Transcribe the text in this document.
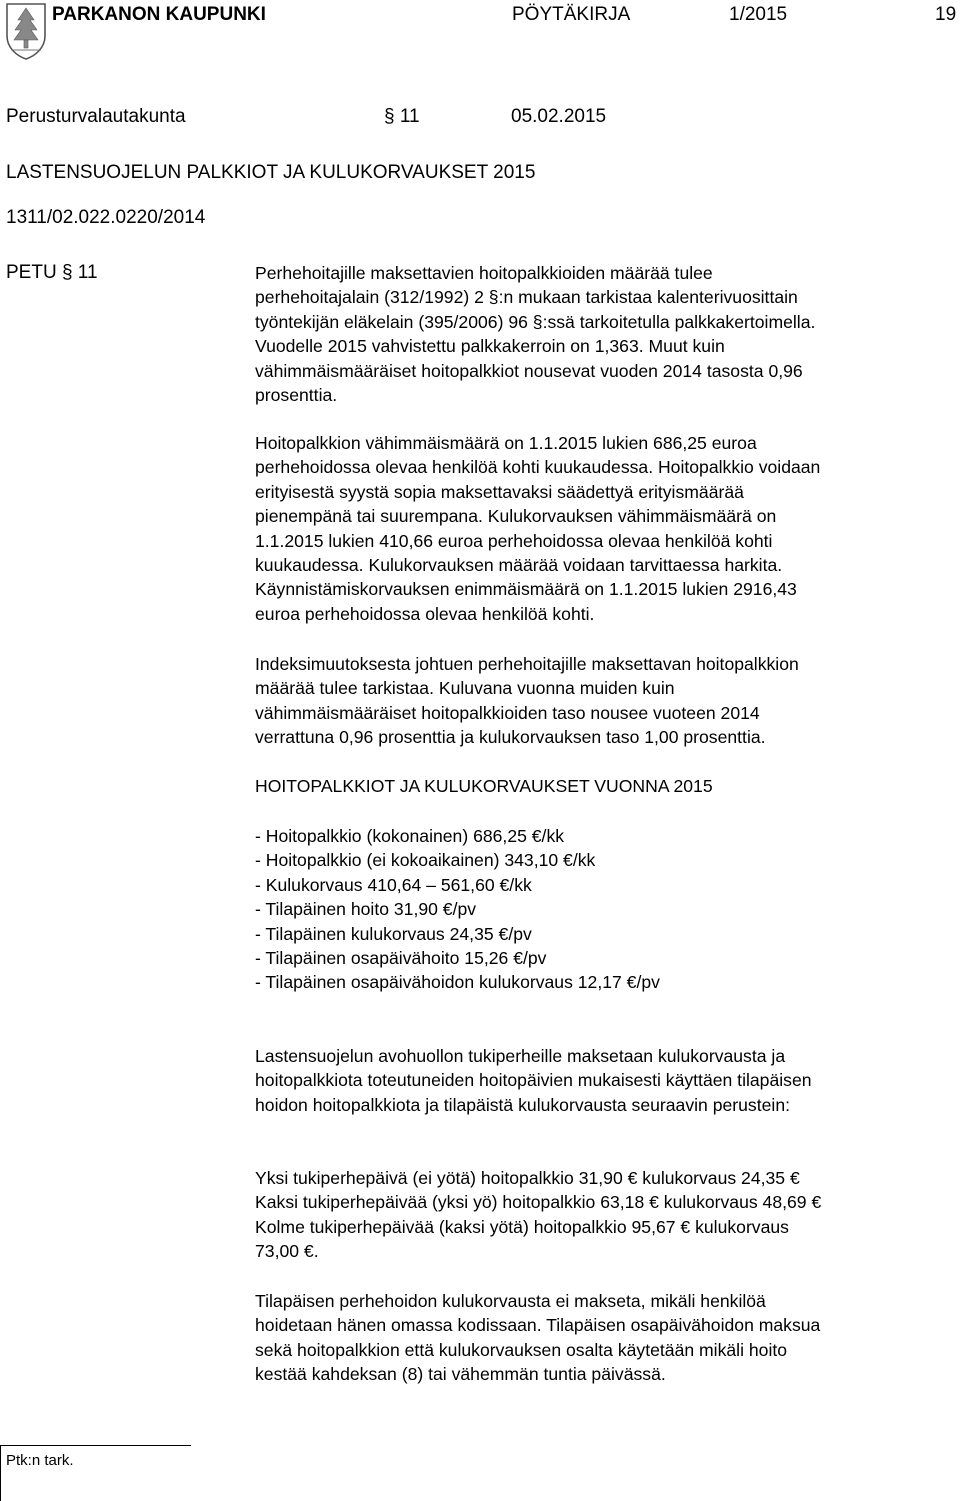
PARKANON KAUPUNKI	PÖYTÄKIRJA	1/2015	19
Perusturvalautakunta	§ 11	05.02.2015
LASTENSUOJELUN PALKKIOT JA KULUKORVAUKSET 2015
1311/02.022.0220/2014
PETU § 11	Perhehoitajille maksettavien hoitopalkkioiden määrää tulee
perhehoitajalain (312/1992) 2 §:n mukaan tarkistaa kalenterivuosittain
työntekijän eläkelain (395/2006) 96 §:ssä tarkoitetulla palkkakertoimella.
Vuodelle 2015 vahvistettu palkkakerroin on 1,363. Muut kuin
vähimmäismääräiset hoitopalkkiot nousevat vuoden 2014 tasosta 0,96
prosenttia.
Hoitopalkkion vähimmäismäärä on 1.1.2015 lukien 686,25 euroa
perhehoidossa olevaa henkilöä kohti kuukaudessa. Hoitopalkkio voidaan
erityisestä syystä sopia maksettavaksi säädettyä erityismäärää
pienempänä tai suurempana. Kulukorvauksen vähimmäismäärä on
1.1.2015 lukien 410,66 euroa perhehoidossa olevaa henkilöä kohti
kuukaudessa. Kulukorvauksen määrää voidaan tarvittaessa harkita.
Käynnistämiskorvauksen enimmäismäärä on 1.1.2015 lukien 2916,43
euroa perhehoidossa olevaa henkilöä kohti.
Indeksimuutoksesta johtuen perhehoitajille maksettavan hoitopalkkion
määrää tulee tarkistaa. Kuluvana vuonna muiden kuin
vähimmäismääräiset hoitopalkkioiden taso nousee vuoteen 2014
verrattuna 0,96 prosenttia ja kulukorvauksen taso 1,00 prosenttia.
HOITOPALKKIOT JA KULUKORVAUKSET VUONNA 2015
- Hoitopalkkio (kokonainen) 686,25 €/kk
- Hoitopalkkio (ei kokoaikainen) 343,10 €/kk
- Kulukorvaus 410,64 – 561,60 €/kk
- Tilapäinen hoito 31,90 €/pv
- Tilapäinen kulukorvaus 24,35 €/pv
- Tilapäinen osapäivähoito 15,26 €/pv
- Tilapäinen osapäivähoidon kulukorvaus 12,17 €/pv
Lastensuojelun avohuollon tukiperheille maksetaan kulukorvausta ja
hoitopalkkiota toteutuneiden hoitopäivien mukaisesti käyttäen tilapäisen
hoidon hoitopalkkiota ja tilapäistä kulukorvausta seuraavin perustein:
Yksi tukiperhepäivä (ei yötä) hoitopalkkio 31,90 € kulukorvaus 24,35 €
Kaksi tukiperhepäivää (yksi yö) hoitopalkkio 63,18 € kulukorvaus 48,69 €
Kolme tukiperhepäivää (kaksi yötä) hoitopalkkio 95,67 € kulukorvaus
73,00 €.
Tilapäisen perhehoidon kulukorvausta ei makseta, mikäli henkilöä
hoidetaan hänen omassa kodissaan. Tilapäisen osapäivähoidon maksua
sekä hoitopalkkion että kulukorvauksen osalta käytetään mikäli hoito
kestää kahdeksan (8) tai vähemmän tuntia päivässä.
Ptk:n tark.
